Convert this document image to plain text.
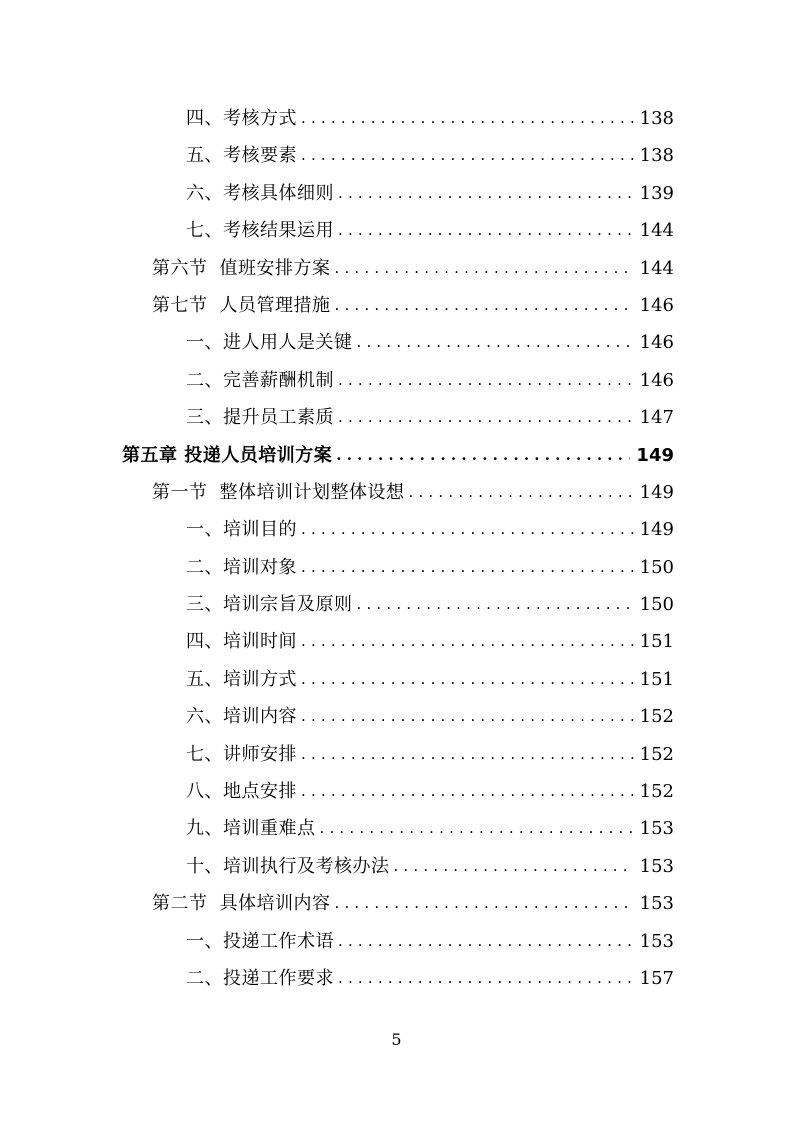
四、考核方式 .....	138
五、考核要素 .....	138
六、考核具体细则 .....	139
七、考核结果运用 .....	144
第六节 值班安排方案 .....	144
第七节 人员管理措施 .....	146
一、进人用人是关键 .....	146
二、完善薪酬机制 .....	146
三、提升员工素质 .....	147
第五章 投递人员培训方案 .....	149
第一节 整体培训计划整体设想 .....	149
一、培训目的 .....	149
二、培训对象 .....	150
三、培训宗旨及原则 .....	150
四、培训时间 .....	151
五、培训方式 .....	151
六、培训内容 .....	152
七、讲师安排 .....	152
八、地点安排 .....	152
九、培训重难点 .....	153
十、培训执行及考核办法 .....	153
第二节 具体培训内容 .....	153
一、投递工作术语 .....	153
二、投递工作要求 .....	157
5
